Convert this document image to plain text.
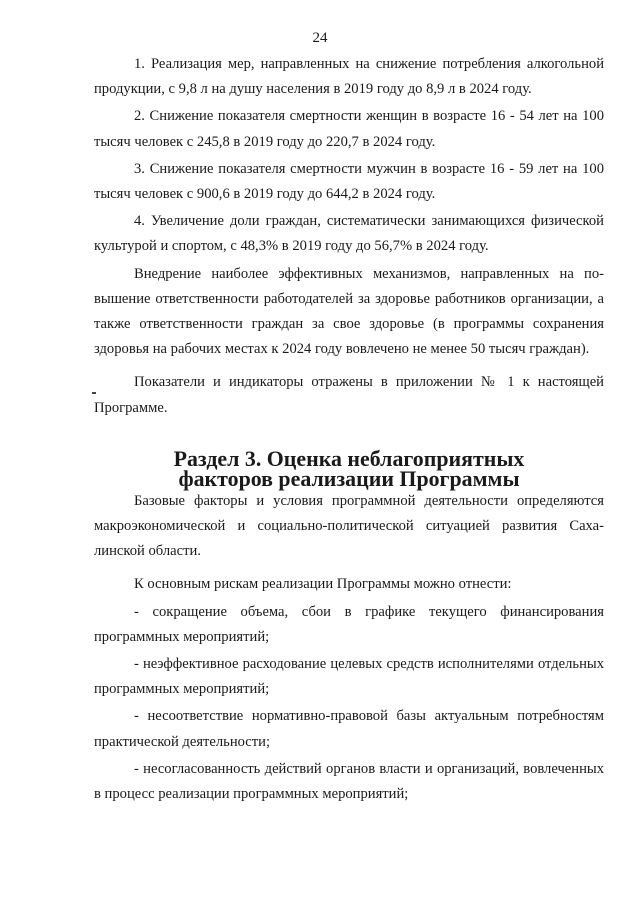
24

1. Реализация мер, направленных на снижение потребления алкогольной продукции, с 9,8 л на душу населения в 2019 году до 8,9 л в 2024 году.

2. Снижение показателя смертности женщин в возрасте 16 - 54 лет на 100 тысяч человек с 245,8 в 2019 году до 220,7 в 2024 году.

3. Снижение показателя смертности мужчин в возрасте 16 - 59 лет на 100 тысяч человек с 900,6 в 2019 году до 644,2 в 2024 году.

4. Увеличение доли граждан, систематически занимающихся физической культурой и спортом, с 48,3% в 2019 году до 56,7% в 2024 году.

Внедрение наиболее эффективных механизмов, направленных на повышение ответственности работодателей за здоровье работников организации, а также ответственности граждан за свое здоровье (в программы сохранения здоровья на рабочих местах к 2024 году вовлечено не менее 50 тысяч граждан).

Показатели и индикаторы отражены в приложении № 1 к настоящей Программе.

Раздел 3. Оценка неблагоприятных
факторов реализации Программы

Базовые факторы и условия программной деятельности определяются макроэкономической и социально-политической ситуацией развития Сахалинской области.

К основным рискам реализации Программы можно отнести:

- сокращение объема, сбои в графике текущего финансирования программных мероприятий;

- неэффективное расходование целевых средств исполнителями отдельных программных мероприятий;

- несоответствие нормативно-правовой базы актуальным потребностям практической деятельности;

- несогласованность действий органов власти и организаций, вовлеченных в процесс реализации программных мероприятий;
